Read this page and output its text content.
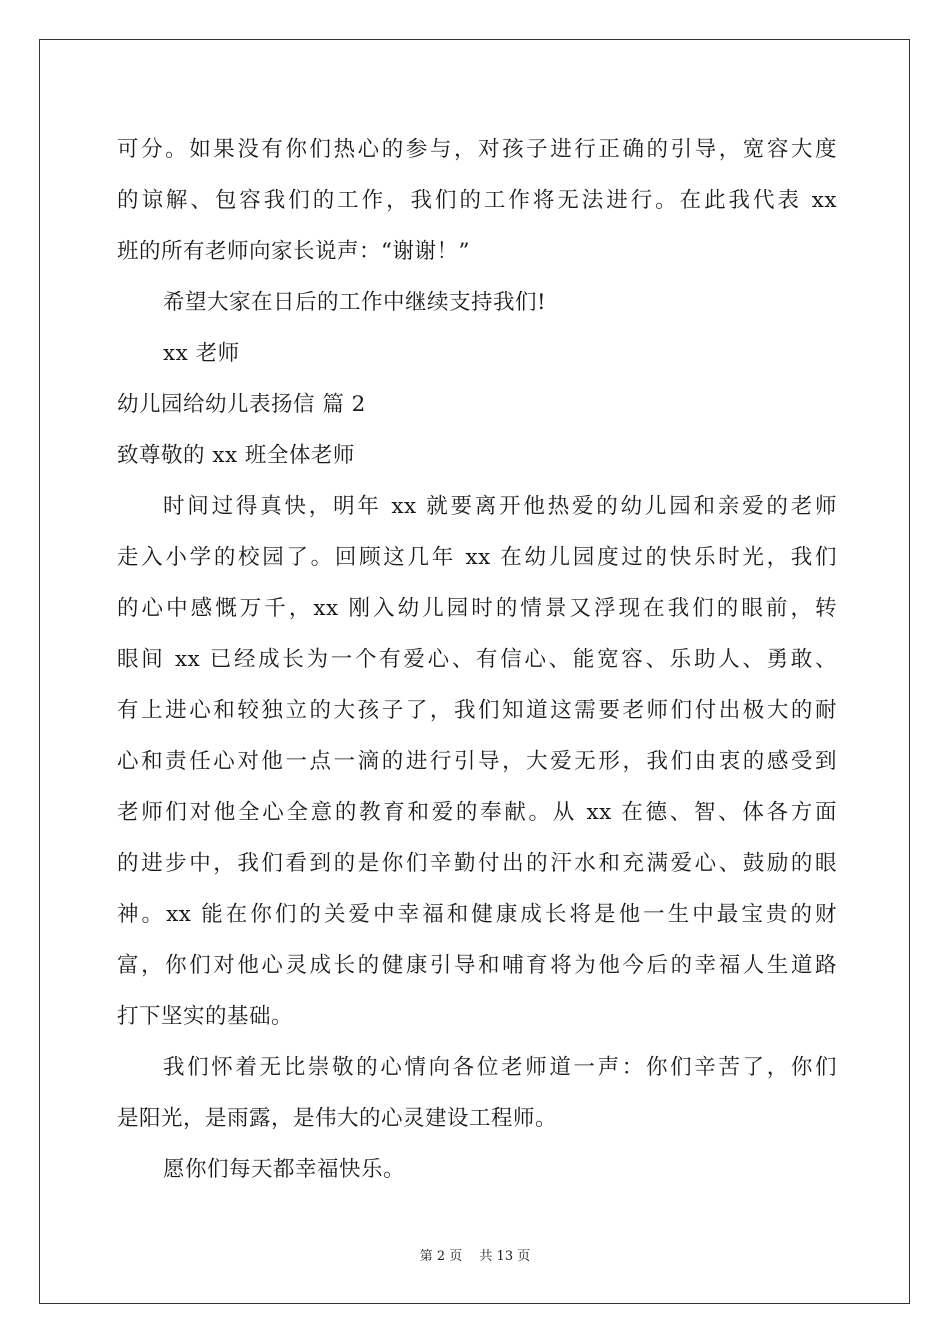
可分。如果没有你们热心的参与，对孩子进行正确的引导，宽容大度
的谅解、包容我们的工作，我们的工作将无法进行。在此我代表 xx
班的所有老师向家长说声：“谢谢！”
希望大家在日后的工作中继续支持我们!
xx 老师
幼儿园给幼儿表扬信 篇 2
致尊敬的 xx 班全体老师
时间过得真快，明年 xx 就要离开他热爱的幼儿园和亲爱的老师
走入小学的校园了。回顾这几年 xx 在幼儿园度过的快乐时光，我们
的心中感慨万千，xx 刚入幼儿园时的情景又浮现在我们的眼前，转
眼间 xx 已经成长为一个有爱心、有信心、能宽容、乐助人、勇敢、
有上进心和较独立的大孩子了，我们知道这需要老师们付出极大的耐
心和责任心对他一点一滴的进行引导，大爱无形，我们由衷的感受到
老师们对他全心全意的教育和爱的奉献。从 xx 在德、智、体各方面
的进步中，我们看到的是你们辛勤付出的汗水和充满爱心、鼓励的眼
神。xx 能在你们的关爱中幸福和健康成长将是他一生中最宝贵的财
富，你们对他心灵成长的健康引导和哺育将为他今后的幸福人生道路
打下坚实的基础。
我们怀着无比崇敬的心情向各位老师道一声：你们辛苦了，你们
是阳光，是雨露，是伟大的心灵建设工程师。
愿你们每天都幸福快乐。
第 2 页　 共 13 页
